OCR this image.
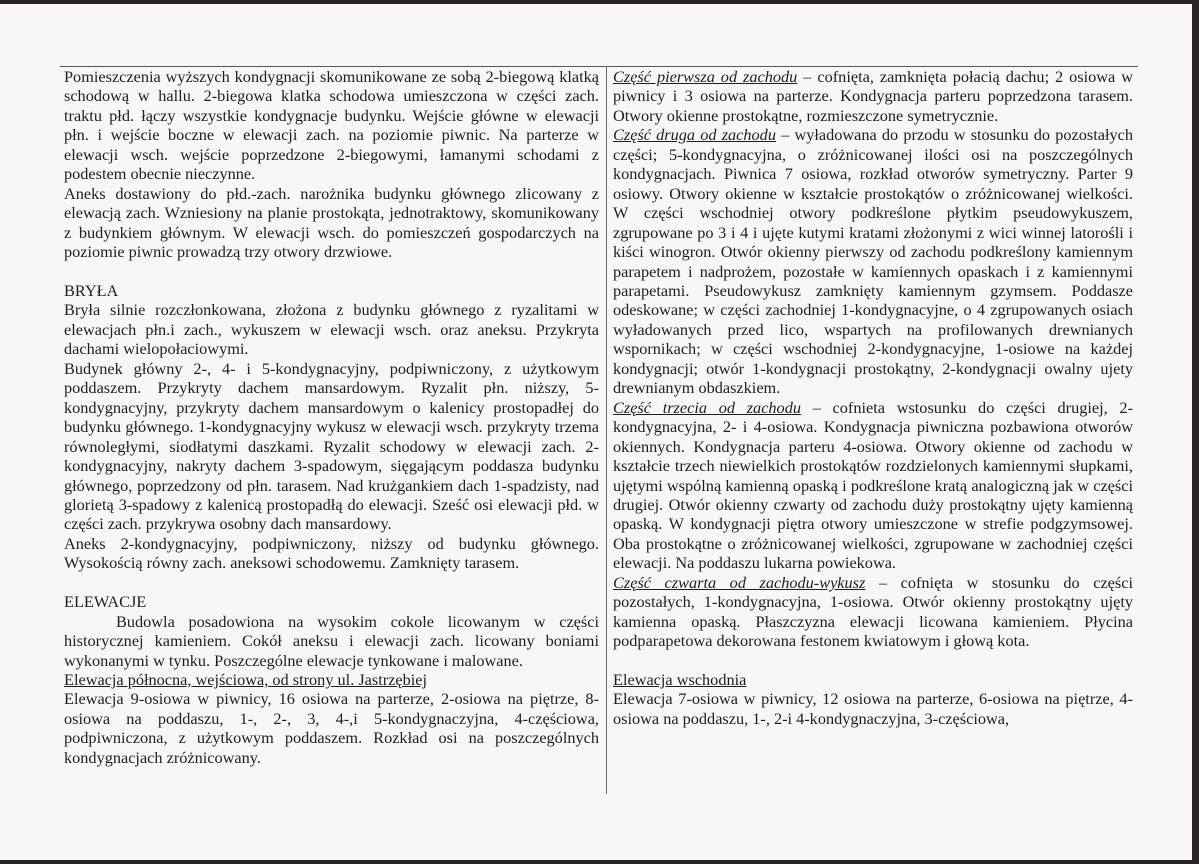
Pomieszczenia wyższych kondygnacji skomunikowane ze sobą 2-biegową klatką schodową w hallu. 2-biegowa klatka schodowa umieszczona w części zach. traktu płd. łączy wszystkie kondygnacje budynku. Wejście główne w elewacji płn. i wejście boczne w elewacji zach. na poziomie piwnic. Na parterze w elewacji wsch. wejście poprzedzone 2-biegowymi, łamanymi schodami z podestem obecnie nieczynne.

Aneks dostawiony do płd.-zach. narożnika budynku głównego zlicowany z elewacją zach. Wzniesiony na planie prostokąta, jednotraktowy, skomunikowany z budynkiem głównym. W elewacji wsch. do pomieszczeń gospodarczych na poziomie piwnic prowadzą trzy otwory drzwiowe.

BRYŁA

Bryła silnie rozczłonkowana, złożona z budynku głównego z ryzalitami w elewacjach płn.i zach., wykuszem w elewacji wsch. oraz aneksu. Przykryta dachami wielopołaciowymi.

Budynek główny 2-, 4- i 5-kondygnacyjny, podpiwniczony, z użytkowym poddaszem. Przykryty dachem mansardowym. Ryzalit płn. niższy, 5-kondygnacyjny, przykryty dachem mansardowym o kalenicy prostopadłej do budynku głównego. 1-kondygnacyjny wykusz w elewacji wsch. przykryty trzema równoległymi, siodłatymi daszkami. Ryzalit schodowy w elewacji zach. 2-kondygnacyjny, nakryty dachem 3-spadowym, sięgającym poddasza budynku głównego, poprzedzony od płn. tarasem. Nad krużgankiem dach 1-spadzisty, nad glorietą 3-spadowy z kalenicą prostopadłą do elewacji. Sześć osi elewacji płd. w części zach. przykrywa osobny dach mansardowy.

Aneks 2-kondygnacyjny, podpiwniczony, niższy od budynku głównego. Wysokością równy zach. aneksowi schodowemu. Zamknięty tarasem.

ELEWACJE

Budowla posadowiona na wysokim cokole licowanym w części historycznej kamieniem. Cokół aneksu i elewacji zach. licowany boniami wykonanymi w tynku. Poszczególne elewacje tynkowane i malowane.

Elewacja północna, wejściowa, od strony ul. Jastrzębiej

Elewacja 9-osiowa w piwnicy, 16 osiowa na parterze, 2-osiowa na piętrze, 8-osiowa na poddaszu, 1-, 2-, 3, 4-,i 5-kondygnaczyjna, 4-częściowa, podpiwniczona, z użytkowym poddaszem. Rozkład osi na poszczególnych kondygnacjach zróżnicowany.

Część pierwsza od zachodu – cofnięta, zamknięta połacią dachu; 2 osiowa w piwnicy i 3 osiowa na parterze. Kondygnacja parteru poprzedzona tarasem. Otwory okienne prostokątne, rozmieszczone symetrycznie.

Część druga od zachodu – wyładowana do przodu w stosunku do pozostałych części; 5-kondygnacyjna, o zróżnicowanej ilości osi na poszczególnych kondygnacjach. Piwnica 7 osiowa, rozkład otworów symetryczny. Parter 9 osiowy. Otwory okienne w kształcie prostokątów o zróżnicowanej wielkości. W części wschodniej otwory podkreślone płytkim pseudowykuszem, zgrupowane po 3 i 4 i ujęte kutymi kratami złożonymi z wici winnej latorośli i kiści winogron. Otwór okienny pierwszy od zachodu podkreślony kamiennym parapetem i nadprożem, pozostałe w kamiennych opaskach i z kamiennymi parapetami. Pseudowykusz zamknięty kamiennym gzymsem. Poddasze odeskowane; w części zachodniej 1-kondygnacyjne, o 4 zgrupowanych osiach wyładowanych przed lico, wspartych na profilowanych drewnianych wspornikach; w części wschodniej 2-kondygnacyjne, 1-osiowe na każdej kondygnacji; otwór 1-kondygnacji prostokątny, 2-kondygnacji owalny ujety drewnianym obdaszkiem.

Część trzecia od zachodu – cofnieta wstosunku do części drugiej, 2-kondygnacyjna, 2- i 4-osiowa. Kondygnacja piwniczna pozbawiona otworów okiennych. Kondygnacja parteru 4-osiowa. Otwory okienne od zachodu w kształcie trzech niewielkich prostokątów rozdzielonych kamiennymi słupkami, ujętymi wspólną kamienną opaską i podkreślone kratą analogiczną jak w części drugiej. Otwór okienny czwarty od zachodu duży prostokątny ujęty kamienną opaską. W kondygnacji piętra otwory umieszczone w strefie podgzymsowej. Oba prostokątne o zróżnicowanej wielkości, zgrupowane w zachodniej części elewacji. Na poddaszu lukarna powiekowa.

Część czwarta od zachodu-wykusz – cofnięta w stosunku do części pozostałych, 1-kondygnacyjna, 1-osiowa. Otwór okienny prostokątny ujęty kamienna opaską. Płaszczyzna elewacji licowana kamieniem. Płycina podparapetowa dekorowana festonem kwiatowym i głową kota.

Elewacja wschodnia

Elewacja 7-osiowa w piwnicy, 12 osiowa na parterze, 6-osiowa na piętrze, 4-osiowa na poddaszu, 1-, 2-i 4-kondygnaczyjna, 3-częściowa,
